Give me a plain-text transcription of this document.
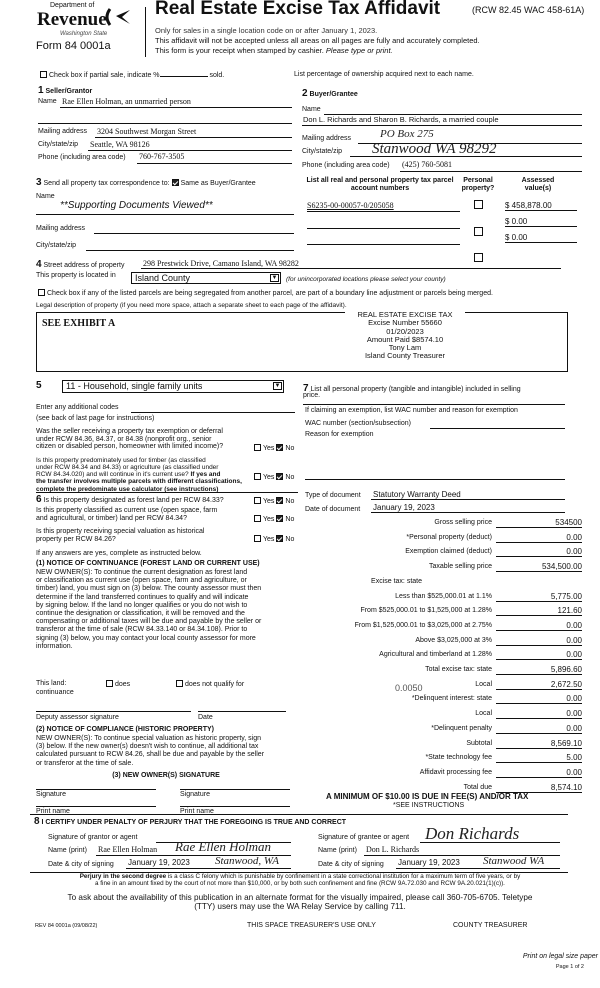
Department of
Revenue
Washington State
Form 84 0001a
Real Estate Excise Tax Affidavit	(RCW 82.45 WAC 458-61A)
Only for sales in a single location code on or after January 1, 2023.
This affidavit will not be accepted unless all areas on all pages are fully and accurately completed.
This form is your receipt when stamped by cashier. Please type or print.
Check box if partial sale, indicate %	sold.	List percentage of ownership acquired next to each name.
1 Seller/Grantor
Name Rae Ellen Holman, an unmarried person
Mailing address 3204 Southwest Morgan Street
City/state/zip Seattle, WA 98126
Phone (including area code) 760-767-3505
2 Buyer/Grantee
Name
Don L. Richards and Sharon B. Richards, a married couple
Mailing address	PO Box 275
City/state/zip Stanwood WA 98292
Phone (including area code) (425) 760-5081
3 Send all property tax correspondence to: Same as Buyer/Grantee
Name
**Supporting Documents Viewed**
Mailing address
City/state/zip
List all real and personal property tax parcel account numbers
Personal property?
Assessed value(s)
S6235-00-00057-0/205058	$ 458,878.00
$ 0.00
$ 0.00
4 Street address of property 298 Prestwick Drive, Camano Island, WA 98282
This property is located in	Island County	▼ (for unincorporated locations please select your county)
Check box if any of the listed parcels are being segregated from another parcel, are part of a boundary line adjustment or parcels being merged.
Legal description of property (if you need more space, attach a separate sheet to each page of the affidavit).
SEE EXHIBIT A
REAL ESTATE EXCISE TAX
Excise Number 55660
01/20/2023
Amount Paid $8574.10
Tony Lam
Island County Treasurer
5	11 - Household, single family units	▼
Enter any additional codes
(see back of last page for instructions)
Was the seller receiving a property tax exemption or deferral
under RCW 84.36, 84.37, or 84.38 (nonprofit org., senior
citizen or disabled person, homeowner with limited income)?	Yes No
Is this property predominately used for timber (as classified
under RCW 84.34 and 84.33) or agriculture (as classified under
RCW 84.34.020) and will continue in it's current use? If yes and
the transfer involves multiple parcels with different classifications,
complete the predominate use calculator (see instructions)
Yes No
6 Is this property designated as forest land per RCW 84.33?	Yes No
Is this property classified as current use (open space, farm
and agricultural, or timber) land per RCW 84.34?	Yes No
Is this property receiving special valuation as historical
property per RCW 84.26?	Yes No
If any answers are yes, complete as instructed below.
(1) NOTICE OF CONTINUANCE (FOREST LAND OR CURRENT USE)
NEW OWNER(S): To continue the current designation as forest land
or classification as current use (open space, farm and agriculture, or
timber) land, you must sign on (3) below. The county assessor must then
determine if the land transferred continues to qualify and will indicate
by signing below. If the land no longer qualifies or you do not wish to
continue the designation or classification, it will be removed and the
compensating or additional taxes will be due and payable by the seller or
transferor at the time of sale (RCW 84.33.140 or 84.34.108). Prior to
signing (3) below, you may contact your local county assessor for more
information.
This land:
continuance
does	does not qualify for
Deputy assessor signature	Date
(2) NOTICE OF COMPLIANCE (HISTORIC PROPERTY)
NEW OWNER(S): To continue special valuation as historic property, sign
(3) below. If the new owner(s) doesn't wish to continue, all additional tax
calculated pursuant to RCW 84.26, shall be due and payable by the seller
or transferor at the time of sale.
(3) NEW OWNER(S) SIGNATURE
Signature	Signature
Print name	Print name
7 List all personal property (tangible and intangible) included in selling
price.
If claiming an exemption, list WAC number and reason for exemption
WAC number (section/subsection)
Reason for exemption
Type of document Statutory Warranty Deed
Date of document January 19, 2023
Gross selling price	534500
*Personal property (deduct)	0.00
Exemption claimed (deduct)	0.00
Taxable selling price	534,500.00
Excise tax: state
Less than $525,000.01 at 1.1%	5,775.00
From $525,000.01 to $1,525,000 at 1.28%	121.60
From $1,525,000.01 to $3,025,000 at 2.75%	0.00
Above $3,025,000 at 3%	0.00
Agricultural and timberland at 1.28%	0.00
Total excise tax: state	5,896.60
Local	2,672.50
*Delinquent interest: state	0.00
Local	0.00
*Delinquent penalty	0.00
Subtotal	8,569.10
*State technology fee	5.00
Affidavit processing fee	0.00
Total due	8,574.10
0.0050
A MINIMUM OF $10.00 IS DUE IN FEE(S) AND/OR TAX
*SEE INSTRUCTIONS
8 I CERTIFY UNDER PENALTY OF PERJURY THAT THE FOREGOING IS TRUE AND CORRECT
Signature of grantor or agent
Name (print) Rae Ellen Holman Rae Ellen Holman
Date & city of signing January 19, 2023 Stanwood, WA
Signature of grantee or agent Don Richards
Name (print) Don L. Richards
Date & city of signing January 19, 2023 Stanwood WA
Perjury in the second degree is a class C felony which is punishable by confinement in a state correctional institution for a maximum term of five years, or by
a fine in an amount fixed by the court of not more than $10,000, or by both such confinement and fine (RCW 9A.72.030 and RCW 9A.20.021(1)(c)).
To ask about the availability of this publication in an alternate format for the visually impaired, please call 360-705-6705. Teletype
(TTY) users may use the WA Relay Service by calling 711.
REV 84 0001a (09/08/22)	THIS SPACE TREASURER'S USE ONLY	COUNTY TREASURER
Print on legal size paper
Page 1 of 2
